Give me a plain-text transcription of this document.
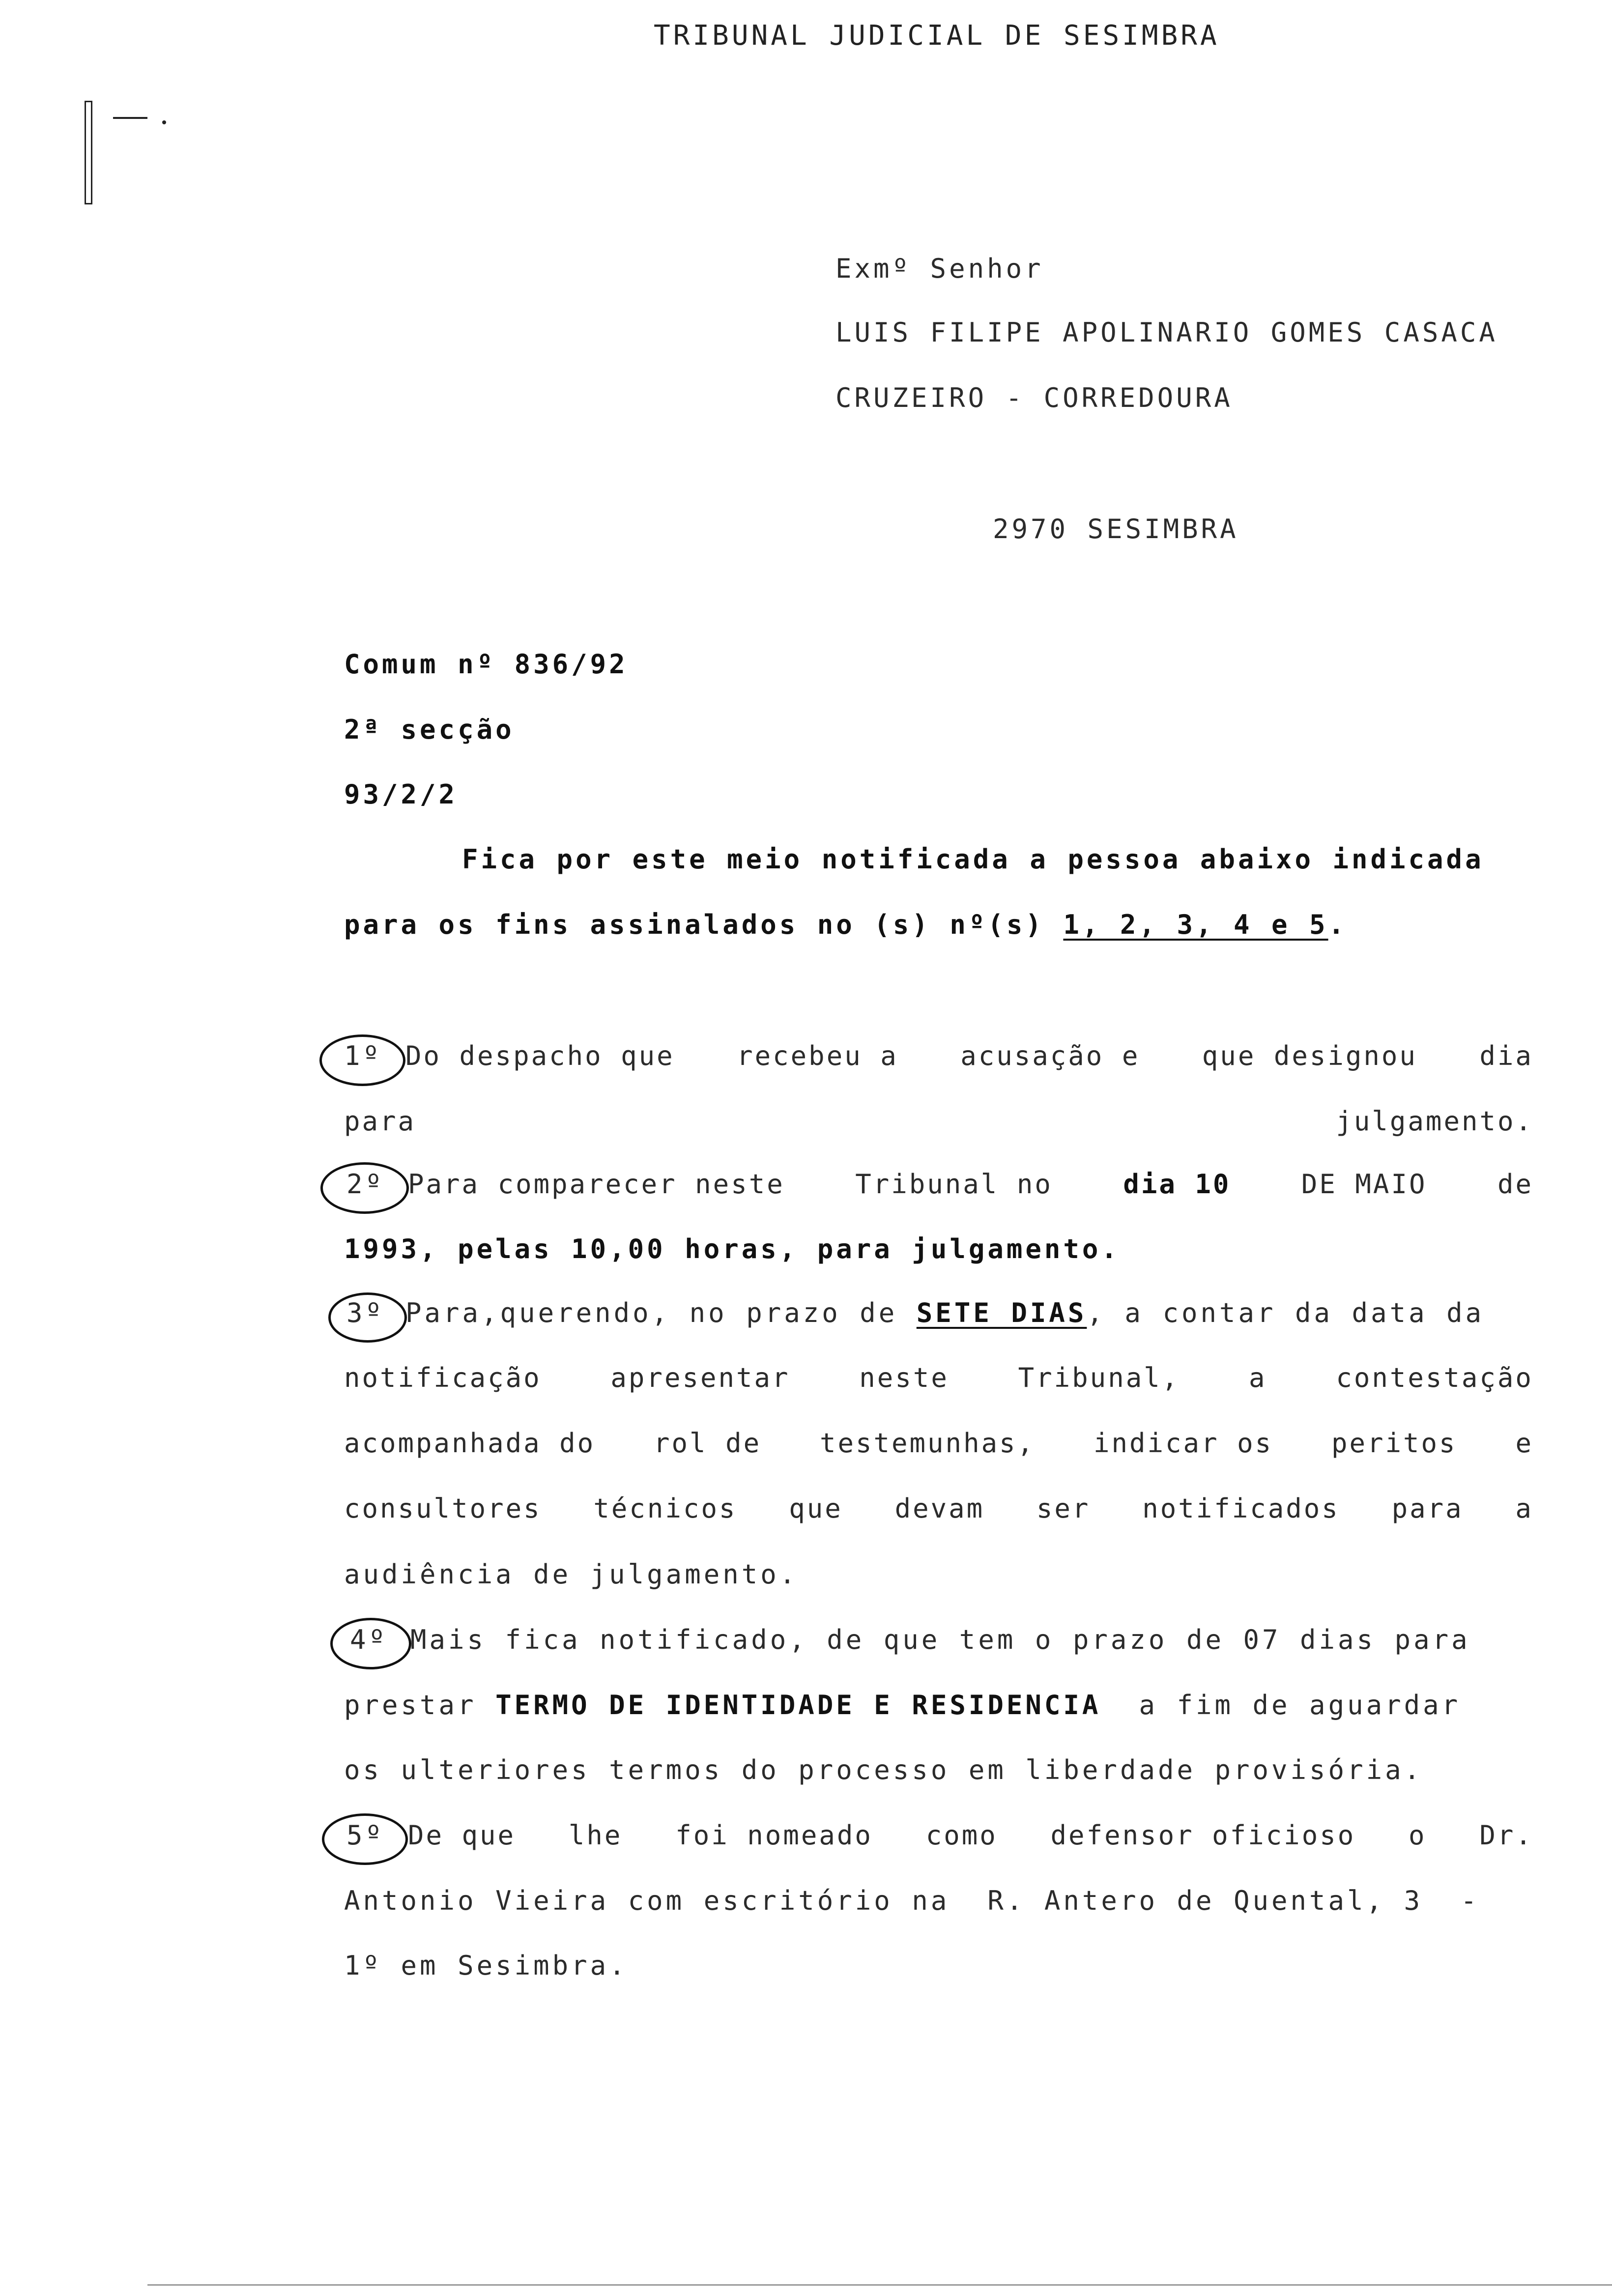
TRIBUNAL JUDICIAL DE SESIMBRA
Exmº Senhor
LUIS FILIPE APOLINARIO GOMES CASACA
CRUZEIRO - CORREDOURA
2970 SESIMBRA
Comum nº 836/92
2ª secção
93/2/2
Fica por este meio notificada a pessoa abaixo indicada
para os fins assinalados no (s) nº(s) 1, 2, 3, 4 e 5.
1º Do despacho que recebeu a acusação e que designou dia
para	julgamento.
2º Para comparecer neste	Tribunal no	dia 10	DE MAIO	de
1993, pelas 10,00 horas, para julgamento.
3º Para,querendo, no prazo de SETE DIAS, a contar da data da
notificação	apresentar	neste	Tribunal,	a	contestação
acompanhada do rol de testemunhas, indicar os peritos e
consultores técnicos que devam ser notificados para a
audiência de julgamento.
4º Mais fica notificado, de que tem o prazo de 07 dias para
prestar TERMO DE IDENTIDADE E RESIDENCIA  a fim de aguardar
os ulteriores termos do processo em liberdade provisória.
5º De que lhe foi nomeado como defensor oficioso o Dr.
Antonio Vieira com escritório na  R. Antero de Quental, 3  -
1º em Sesimbra.
